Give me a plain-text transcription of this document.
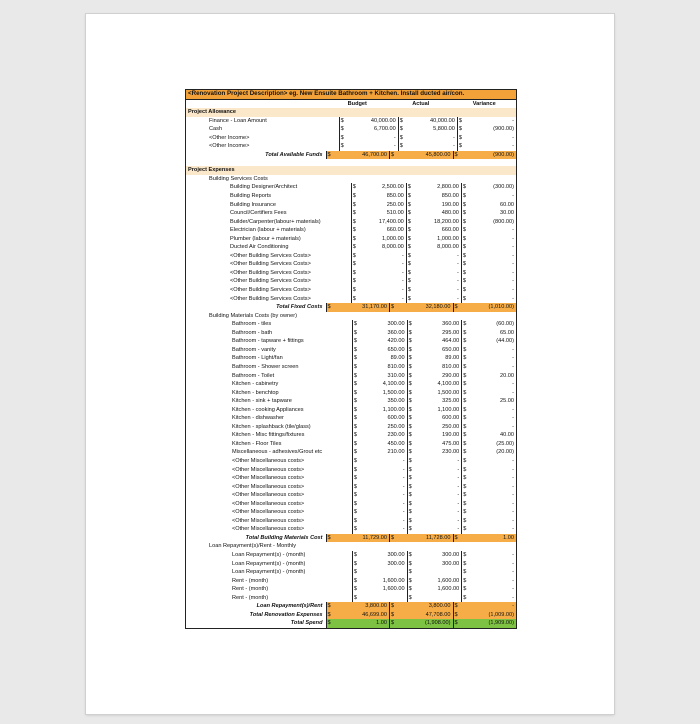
<Renovation Project Description> eg. New Ensuite Bathroom + Kitchen. Install ducted air/con.
Budget	Actual	Variance
Project Allowance
Finance - Loan Amount	$	40,000.00 $	40,000.00 $	-
Cash	$	6,700.00 $	5,800.00 $	(900.00)
<Other Income>	$	- $	- $	-
<Other Income>	$	- $	- $	-
Total Available Funds $	46,700.00 $	45,800.00 $	(900.00)
Project Expenses
Building Services Costs
Building Designer/Architect	$	2,500.00 $	2,800.00 $	(300.00)
Building Reports	$	850.00 $	850.00 $	-
Building Insurance	$	250.00 $	190.00 $	60.00
Council/Certifiers Fees	$	510.00 $	480.00 $	30.00
Builder/Carpenter(labour+ materials)	$	17,400.00 $	18,200.00 $	(800.00)
Electrician (labour + materials)	$	660.00 $	660.00 $	-
Plumber (labour + materials)	$	1,000.00 $	1,000.00 $	-
Ducted Air Conditioning	$	8,000.00 $	8,000.00 $	-
<Other Building Services Costs>	$	- $	- $	-
<Other Building Services Costs>	$	- $	- $	-
<Other Building Services Costs>	$	- $	- $	-
<Other Building Services Costs>	$	- $	- $	-
<Other Building Services Costs>	$	- $	- $	-
<Other Building Services Costs>	$	- $	- $	-
Total Fixed Costs $	31,170.00 $	32,180.00 $	(1,010.00)
Building Materials Costs (by owner)
Bathroom - tiles	$	300.00 $	360.00 $	(60.00)
Bathroom - bath	$	360.00 $	295.00 $	65.00
Bathroom - tapware + fittings	$	420.00 $	464.00 $	(44.00)
Bathroom - vanity	$	650.00 $	650.00 $	-
Bathroom - Light/fan	$	89.00 $	89.00 $	-
Bathroom - Shower screen	$	810.00 $	810.00 $	-
Bathroom - Toilet	$	310.00 $	290.00 $	20.00
Kitchen - cabinetry	$	4,100.00 $	4,100.00 $	-
Kitchen - benchtop	$	1,500.00 $	1,500.00 $	-
Kitchen - sink + tapware	$	350.00 $	325.00 $	25.00
Kitchen - cooking Appliances	$	1,100.00 $	1,100.00 $	-
Kitchen - dishwasher	$	600.00 $	600.00 $	-
Kitchen - splashback (tile/glass)	$	250.00 $	250.00 $	-
Kitchen - Misc fittings/fixtures	$	230.00 $	190.00 $	40.00
Kitchen - Floor Tiles	$	450.00 $	475.00 $	(25.00)
Miscellaneous - adhesives/Grout etc	$	210.00 $	230.00 $	(20.00)
<Other Miscellaneous costs>	$	- $	- $	-
<Other Miscellaneous costs>	$	- $	- $	-
<Other Miscellaneous costs>	$	- $	- $	-
<Other Miscellaneous costs>	$	- $	- $	-
<Other Miscellaneous costs>	$	- $	- $	-
<Other Miscellaneous costs>	$	- $	- $	-
<Other Miscellaneous costs>	$	- $	- $	-
<Other Miscellaneous costs>	$	- $	- $	-
<Other Miscellaneous costs>	$	- $	- $	-
Total Building Materials Cost $	11,729.00 $	11,728.00 $	1.00
Loan Repayment(s)/Rent - Monthly
Loan Repayment(s) - (month)	$	300.00 $	300.00 $	-
Loan Repayment(s) - (month)	$	300.00 $	300.00 $	-
Loan Repayment(s) - (month)	$	$	$	-
Rent - (month)	$	1,600.00 $	1,600.00 $	-
Rent - (month)	$	1,600.00 $	1,600.00 $	-
Rent - (month)	$	$	$	-
Loan Repayment(s)/Rent $	3,800.00 $	3,800.00 $	-
Total Renovation Expenses $	46,699.00 $	47,708.00 $	(1,009.00)
Total Spend $	1.00 $	(1,908.00) $	(1,909.00)
